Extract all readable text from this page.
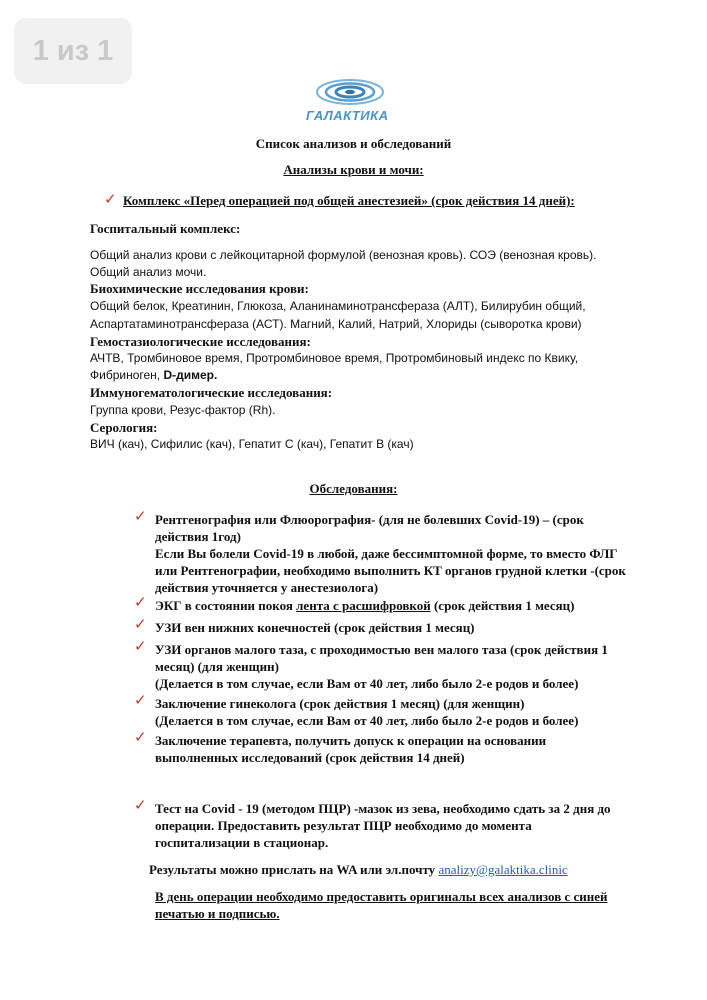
1 из 1
ГАЛАКТИКА
Список анализов и обследований
Анализы крови и мочи:
✓ Комплекс «Перед операцией под общей анестезией» (срок действия 14 дней):
Госпитальный комплекс:
Общий анализ крови с лейкоцитарной формулой (венозная кровь). СОЭ (венозная кровь).
Общий анализ мочи.
Биохимические исследования крови:
Общий белок, Креатинин, Глюкоза, Аланинаминотрансфераза (АЛТ), Билирубин общий,
Аспартатаминотрансфераза (АСТ). Магний, Калий, Натрий, Хлориды (сыворотка крови)
Гемостазиологические исследования:
АЧТВ, Тромбиновое время, Протромбиновое время, Протромбиновый индекс по Квику,
Фибриноген, D-димер.
Иммуногематологические исследования:
Группа крови, Резус-фактор (Rh).
Серология:
ВИЧ (кач), Сифилис (кач), Гепатит С (кач), Гепатит В (кач)
Обследования:
✓ Рентгенография или Флюорография- (для не болевших Covid-19) – (срок
действия 1год)
Если Вы болели Covid-19 в любой, даже бессимптомной форме, то вместо ФЛГ
или Рентгенографии, необходимо выполнить КТ органов грудной клетки -(срок
действия уточняется у анестезиолога)
✓ ЭКГ в состоянии покоя лента с расшифровкой (срок действия 1 месяц)
✓ УЗИ вен нижних конечностей (срок действия 1 месяц)
✓ УЗИ органов малого таза, с проходимостью вен малого таза (срок действия 1
месяц) (для женщин)
(Делается в том случае, если Вам от 40 лет, либо было 2-е родов и более)
✓ Заключение гинеколога (срок действия 1 месяц) (для женщин)
(Делается в том случае, если Вам от 40 лет, либо было 2-е родов и более)
✓ Заключение терапевта, получить допуск к операции на основании
выполненных исследований (срок действия 14 дней)
✓ Тест на Covid - 19 (методом ПЦР) -мазок из зева, необходимо сдать за 2 дня до
операции. Предоставить результат ПЦР необходимо до момента
госпитализации в стационар.
Результаты можно прислать на WA или эл.почту analizy@galaktika.clinic
В день операции необходимо предоставить оригиналы всех анализов с синей
печатью и подписью.
